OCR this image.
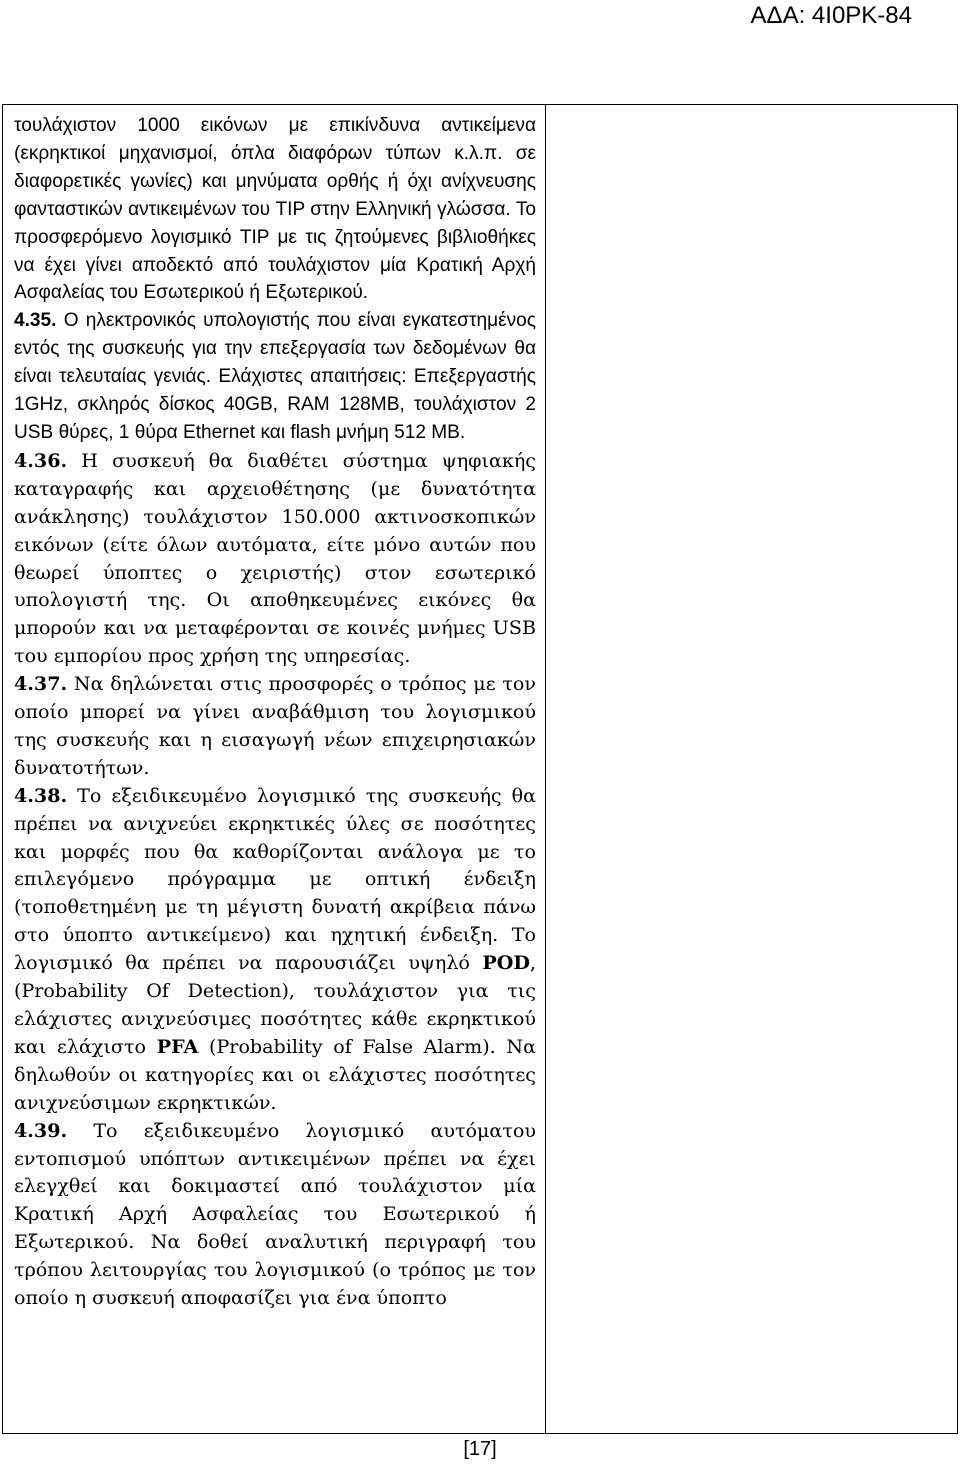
ΑΔΑ: 4Ι0ΡΚ-84

τουλάχιστον 1000 εικόνων με επικίνδυνα αντικείμενα (εκρηκτικοί μηχανισμοί, όπλα διαφόρων τύπων κ.λ.π. σε διαφορετικές γωνίες) και μηνύματα ορθής ή όχι ανίχνευσης φανταστικών αντικειμένων του TIP στην Ελληνική γλώσσα. Το προσφερόμενο λογισμικό TIP με τις ζητούμενες βιβλιοθήκες να έχει γίνει αποδεκτό από τουλάχιστον μία Κρατική Αρχή Ασφαλείας του Εσωτερικού ή Εξωτερικού.

4.35. Ο ηλεκτρονικός υπολογιστής που είναι εγκατεστημένος εντός της συσκευής για την επεξεργασία των δεδομένων θα είναι τελευταίας γενιάς. Ελάχιστες απαιτήσεις: Επεξεργαστής 1GHz, σκληρός δίσκος 40GB, RAM 128MB, τουλάχιστον 2 USB θύρες, 1 θύρα Ethernet και flash μνήμη 512 MB.

4.36. Η συσκευή θα διαθέτει σύστημα ψηφιακής καταγραφής και αρχειοθέτησης (με δυνατότητα ανάκλησης) τουλάχιστον 150.000 ακτινοσκοπικών εικόνων (είτε όλων αυτόματα, είτε μόνο αυτών που θεωρεί ύποπτες ο χειριστής) στον εσωτερικό υπολογιστή της. Οι αποθηκευμένες εικόνες θα μπορούν και να μεταφέρονται σε κοινές μνήμες USB του εμπορίου προς χρήση της υπηρεσίας.

4.37. Να δηλώνεται στις προσφορές ο τρόπος με τον οποίο μπορεί να γίνει αναβάθμιση του λογισμικού της συσκευής και η εισαγωγή νέων επιχειρησιακών δυνατοτήτων.

4.38. Το εξειδικευμένο λογισμικό της συσκευής θα πρέπει να ανιχνεύει εκρηκτικές ύλες σε ποσότητες και μορφές που θα καθορίζονται ανάλογα με το επιλεγόμενο πρόγραμμα με οπτική ένδειξη (τοποθετημένη με τη μέγιστη δυνατή ακρίβεια πάνω στο ύποπτο αντικείμενο) και ηχητική ένδειξη. Το λογισμικό θα πρέπει να παρουσιάζει υψηλό POD, (Probability Of Detection), τουλάχιστον για τις ελάχιστες ανιχνεύσιμες ποσότητες κάθε εκρηκτικού και ελάχιστο PFA (Probability of False Alarm). Να δηλωθούν οι κατηγορίες και οι ελάχιστες ποσότητες ανιχνεύσιμων εκρηκτικών.

4.39. Το εξειδικευμένο λογισμικό αυτόματου εντοπισμού υπόπτων αντικειμένων πρέπει να έχει ελεγχθεί και δοκιμαστεί από τουλάχιστον μία Κρατική Αρχή Ασφαλείας του Εσωτερικού ή Εξωτερικού. Να δοθεί αναλυτική περιγραφή του τρόπου λειτουργίας του λογισμικού (ο τρόπος με τον οποίο η συσκευή αποφασίζει για ένα ύποπτο

[17]
